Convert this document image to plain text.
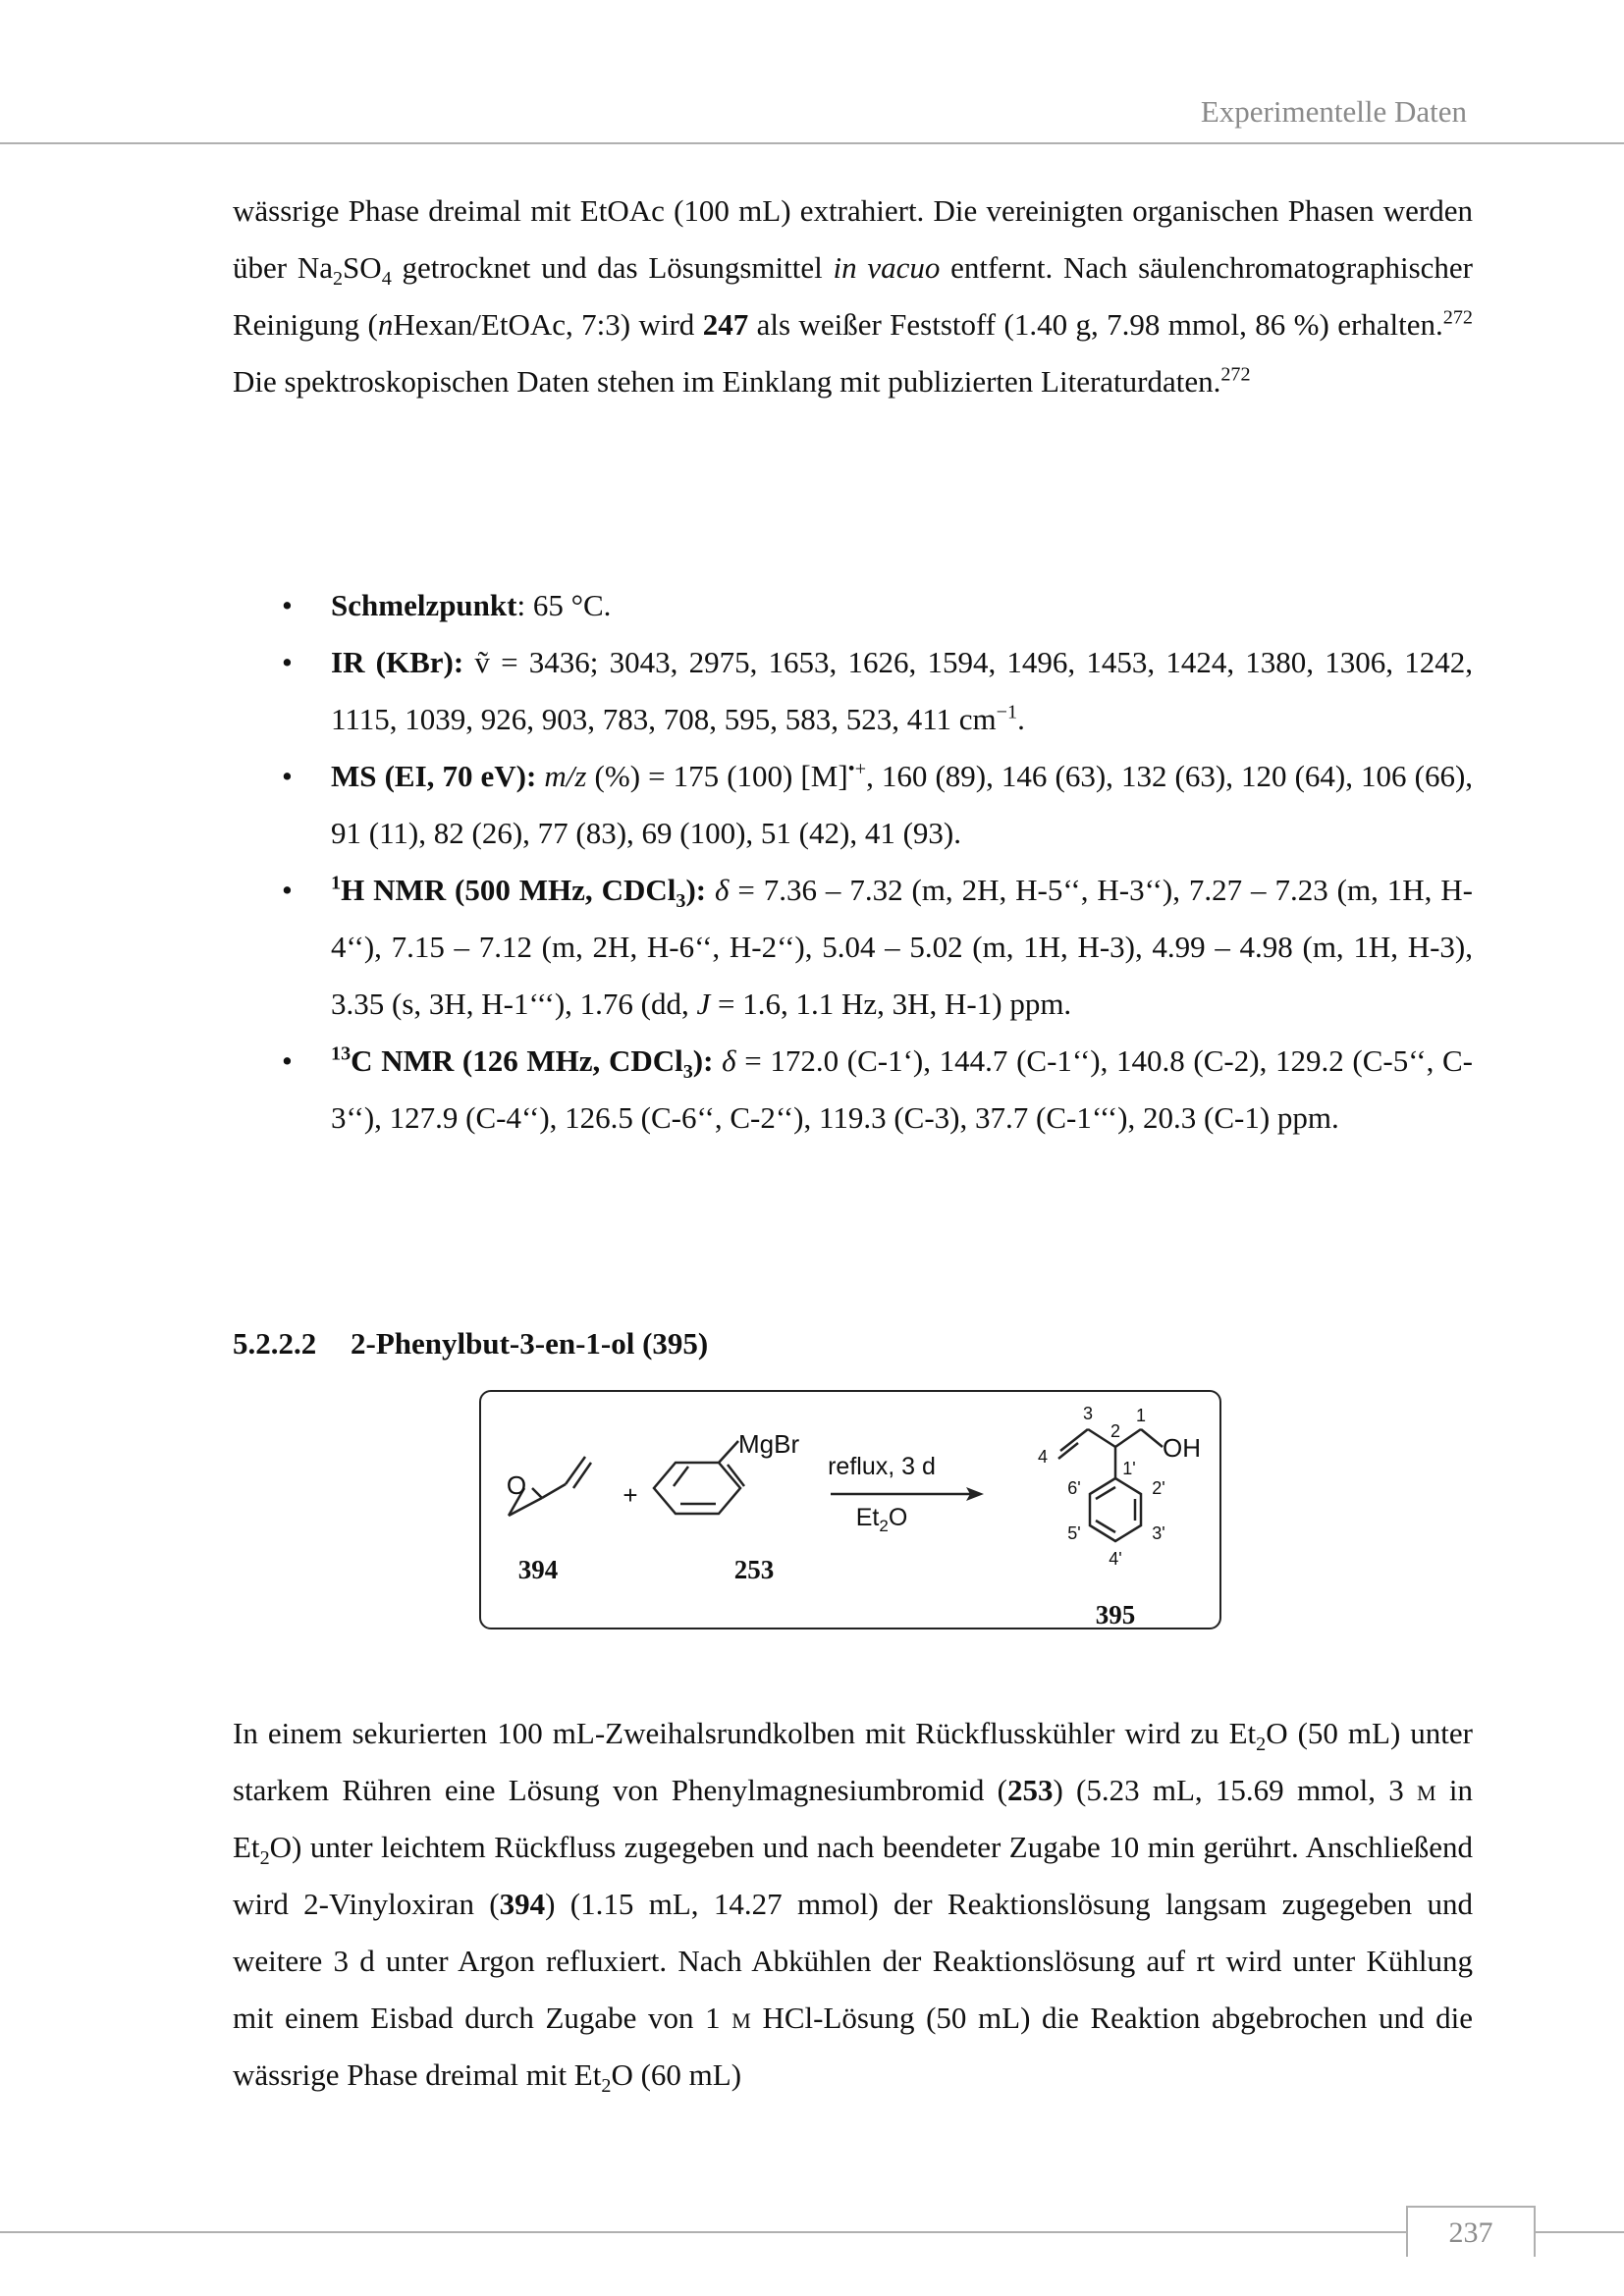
Experimentelle Daten

wässrige Phase dreimal mit EtOAc (100 mL) extrahiert. Die vereinigten organischen Phasen werden über $Na_2SO_4$ getrocknet und das Lösungsmittel in vacuo entfernt. Nach säulenchromatographischer Reinigung (nHexan/EtOAc, 7:3) wird 247 als weißer Feststoff (1.40 g, 7.98 mmol, 86 %) erhalten.$^{272}$ Die spektroskopischen Daten stehen im Einklang mit publizierten Literaturdaten.$^{272}$

• Schmelzpunkt: 65 °C.
• IR (KBr): ṽ = 3436; 3043, 2975, 1653, 1626, 1594, 1496, 1453, 1424, 1380, 1306, 1242, 1115, 1039, 926, 903, 783, 708, 595, 583, 523, 411 $cm^{-1}$.
• MS (EI, 70 eV): m/z (%) = 175 (100) [M]•+, 160 (89), 146 (63), 132 (63), 120 (64), 106 (66), 91 (11), 82 (26), 77 (83), 69 (100), 51 (42), 41 (93).
• $^1$H NMR (500 MHz, CDCl$_3$): δ = 7.36 – 7.32 (m, 2H, H-5‘‘, H-3‘‘), 7.27 – 7.23 (m, 1H, H-4‘‘), 7.15 – 7.12 (m, 2H, H-6‘‘, H-2‘‘), 5.04 – 5.02 (m, 1H, H-3), 4.99 – 4.98 (m, 1H, H-3), 3.35 (s, 3H, H-1‘‘‘), 1.76 (dd, J = 1.6, 1.1 Hz, 3H, H-1) ppm.
• $^{13}$C NMR (126 MHz, CDCl$_3$): δ = 172.0 (C-1‘), 144.7 (C-1‘‘), 140.8 (C-2), 129.2 (C-5‘‘, C-3‘‘), 127.9 (C-4‘‘), 126.5 (C-6‘‘, C-2‘‘), 119.3 (C-3), 37.7 (C-1‘‘‘), 20.3 (C-1) ppm.
5.2.2.2 2-Phenylbut-3-en-1-ol (395)
O
394
+
MgBr
253
reflux, 3 d
$Et_2O$
OH
1
2
3
4
1'
2'
3'
4'
5'
6'
395

In einem sekurierten 100 mL-Zweihalsrundkolben mit Rückflusskühler wird zu $Et_2O$ (50 mL) unter starkem Rühren eine Lösung von Phenylmagnesiumbromid (253) (5.23 mL, 15.69 mmol, 3 m in $Et_2O$) unter leichtem Rückfluss zugegeben und nach beendeter Zugabe 10 min gerührt. Anschließend wird 2-Vinyloxiran (394) (1.15 mL, 14.27 mmol) der Reaktionslösung langsam zugegeben und weitere 3 d unter Argon refluxiert. Nach Abkühlen der Reaktionslösung auf rt wird unter Kühlung mit einem Eisbad durch Zugabe von 1 m HCl-Lösung (50 mL) die Reaktion abgebrochen und die wässrige Phase dreimal mit $Et_2O$ (60 mL)

237
